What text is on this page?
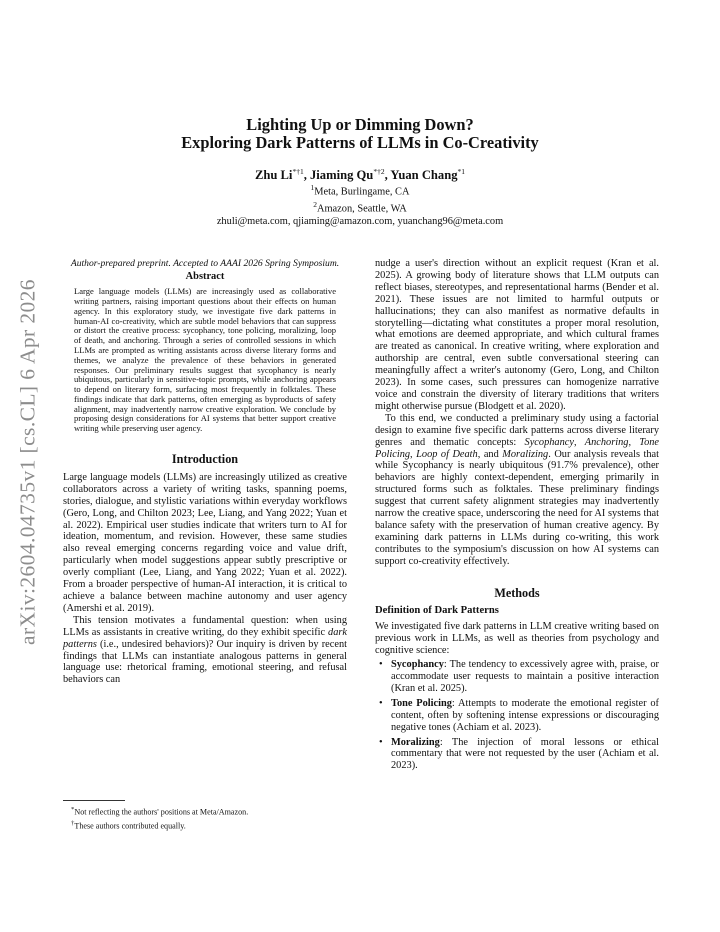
arXiv:2604.04735v1 [cs.CL] 6 Apr 2026
Lighting Up or Dimming Down?
Exploring Dark Patterns of LLMs in Co-Creativity
Zhu Li$^{*\dagger 1}$, Jiaming Qu$^{*\dagger 2}$, Yuan Chang$^{*1}$
$^1$Meta, Burlingame, CA
$^2$Amazon, Seattle, WA
zhuli@meta.com, qjiaming@amazon.com, yuanchang96@meta.com

Author-prepared preprint. Accepted to AAAI 2026 Spring Symposium.

Abstract

Large language models (LLMs) are increasingly used as collaborative writing partners, raising important questions about their effects on human agency. In this exploratory study, we investigate five dark patterns in human-AI co-creativity, which are subtle model behaviors that can suppress or distort the creative process: sycophancy, tone policing, moralizing, loop of death, and anchoring. Through a series of controlled sessions in which LLMs are prompted as writing assistants across diverse literary forms and themes, we analyze the prevalence of these behaviors in generated responses. Our preliminary results suggest that sycophancy is nearly ubiquitous, particularly in sensitive-topic prompts, while anchoring appears to depend on literary form, surfacing most frequently in folktales. These findings indicate that dark patterns, often emerging as byproducts of safety alignment, may inadvertently narrow creative exploration. We conclude by proposing design considerations for AI systems that better support creative writing while preserving user agency.

Introduction

Large language models (LLMs) are increasingly utilized as creative collaborators across a variety of writing tasks, spanning poems, stories, dialogue, and stylistic variations within everyday workflows (Gero, Long, and Chilton 2023; Lee, Liang, and Yang 2022; Yuan et al. 2022). Empirical user studies indicate that writers turn to AI for ideation, momentum, and revision. However, these same studies also reveal emerging concerns regarding voice and value drift, particularly when model suggestions appear subtly prescriptive or overly compliant (Lee, Liang, and Yang 2022; Yuan et al. 2022). From a broader perspective of human-AI interaction, it is critical to achieve a balance between machine autonomy and user agency (Amershi et al. 2019).

This tension motivates a fundamental question: when using LLMs as assistants in creative writing, do they exhibit specific dark patterns (i.e., undesired behaviors)? Our inquiry is driven by recent findings that LLMs can instantiate analogous patterns in general language use: rhetorical framing, emotional steering, and refusal behaviors can

nudge a user's direction without an explicit request (Kran et al. 2025). A growing body of literature shows that LLM outputs can reflect biases, stereotypes, and representational harms (Bender et al. 2021). These issues are not limited to harmful outputs or hallucinations; they can also manifest as normative defaults in storytelling—dictating what constitutes a proper moral resolution, what emotions are deemed appropriate, and which cultural frames are treated as canonical. In creative writing, where exploration and authorship are central, even subtle conversational steering can meaningfully affect a writer's autonomy (Gero, Long, and Chilton 2023). In some cases, such pressures can homogenize narrative voice and constrain the diversity of literary traditions that writers might otherwise pursue (Blodgett et al. 2020).

To this end, we conducted a preliminary study using a factorial design to examine five specific dark patterns across diverse literary genres and thematic concepts: Sycophancy, Anchoring, Tone Policing, Loop of Death, and Moralizing. Our analysis reveals that while Sycophancy is nearly ubiquitous (91.7% prevalence), other behaviors are highly context-dependent, emerging primarily in structured forms such as folktales. These preliminary findings suggest that current safety alignment strategies may inadvertently narrow the creative space, underscoring the need for AI systems that balance safety with the preservation of human creative agency. By examining dark patterns in LLMs during co-writing, this work contributes to the symposium's discussion on how AI systems can support co-creativity effectively.

Methods
Definition of Dark Patterns

We investigated five dark patterns in LLM creative writing based on previous work in LLMs, as well as theories from psychology and cognitive science:

• Sycophancy: The tendency to excessively agree with, praise, or accommodate user requests to maintain a positive interaction (Kran et al. 2025).
• Tone Policing: Attempts to moderate the emotional register of content, often by softening intense expressions or discouraging negative tones (Achiam et al. 2023).
• Moralizing: The injection of moral lessons or ethical commentary that were not requested by the user (Achiam et al. 2023).

*Not reflecting the authors' positions at Meta/Amazon.

†These authors contributed equally.
